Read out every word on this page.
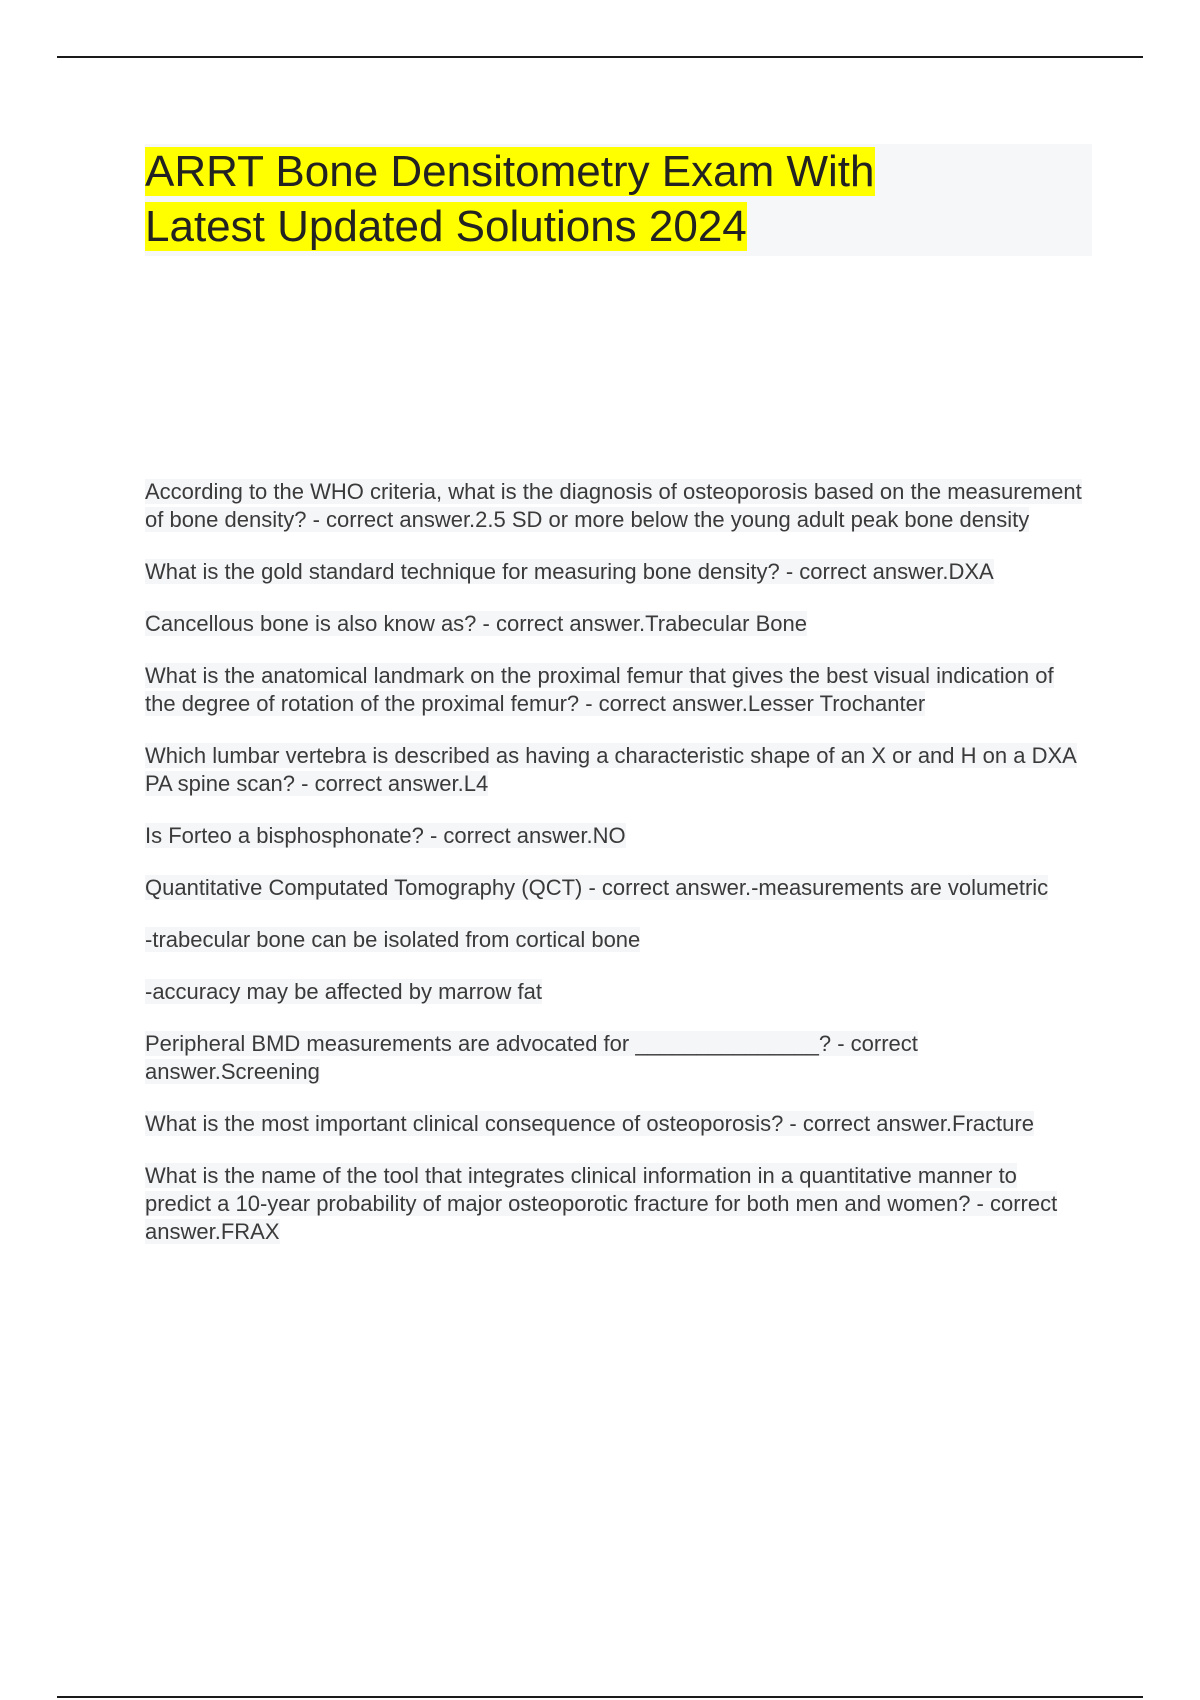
ARRT Bone Densitometry Exam With
Latest Updated Solutions 2024

According to the WHO criteria, what is the diagnosis of osteoporosis based on the measurement of bone density? - correct answer.2.5 SD or more below the young adult peak bone density

What is the gold standard technique for measuring bone density? - correct answer.DXA

Cancellous bone is also know as? - correct answer.Trabecular Bone

What is the anatomical landmark on the proximal femur that gives the best visual indication of the degree of rotation of the proximal femur? - correct answer.Lesser Trochanter

Which lumbar vertebra is described as having a characteristic shape of an X or and H on a DXA PA spine scan? - correct answer.L4

Is Forteo a bisphosphonate? - correct answer.NO

Quantitative Computated Tomography (QCT) - correct answer.-measurements are volumetric

-trabecular bone can be isolated from cortical bone

-accuracy may be affected by marrow fat

Peripheral BMD measurements are advocated for _______________? - correct answer.Screening

What is the most important clinical consequence of osteoporosis? - correct answer.Fracture

What is the name of the tool that integrates clinical information in a quantitative manner to predict a 10-year probability of major osteoporotic fracture for both men and women? - correct answer.FRAX
